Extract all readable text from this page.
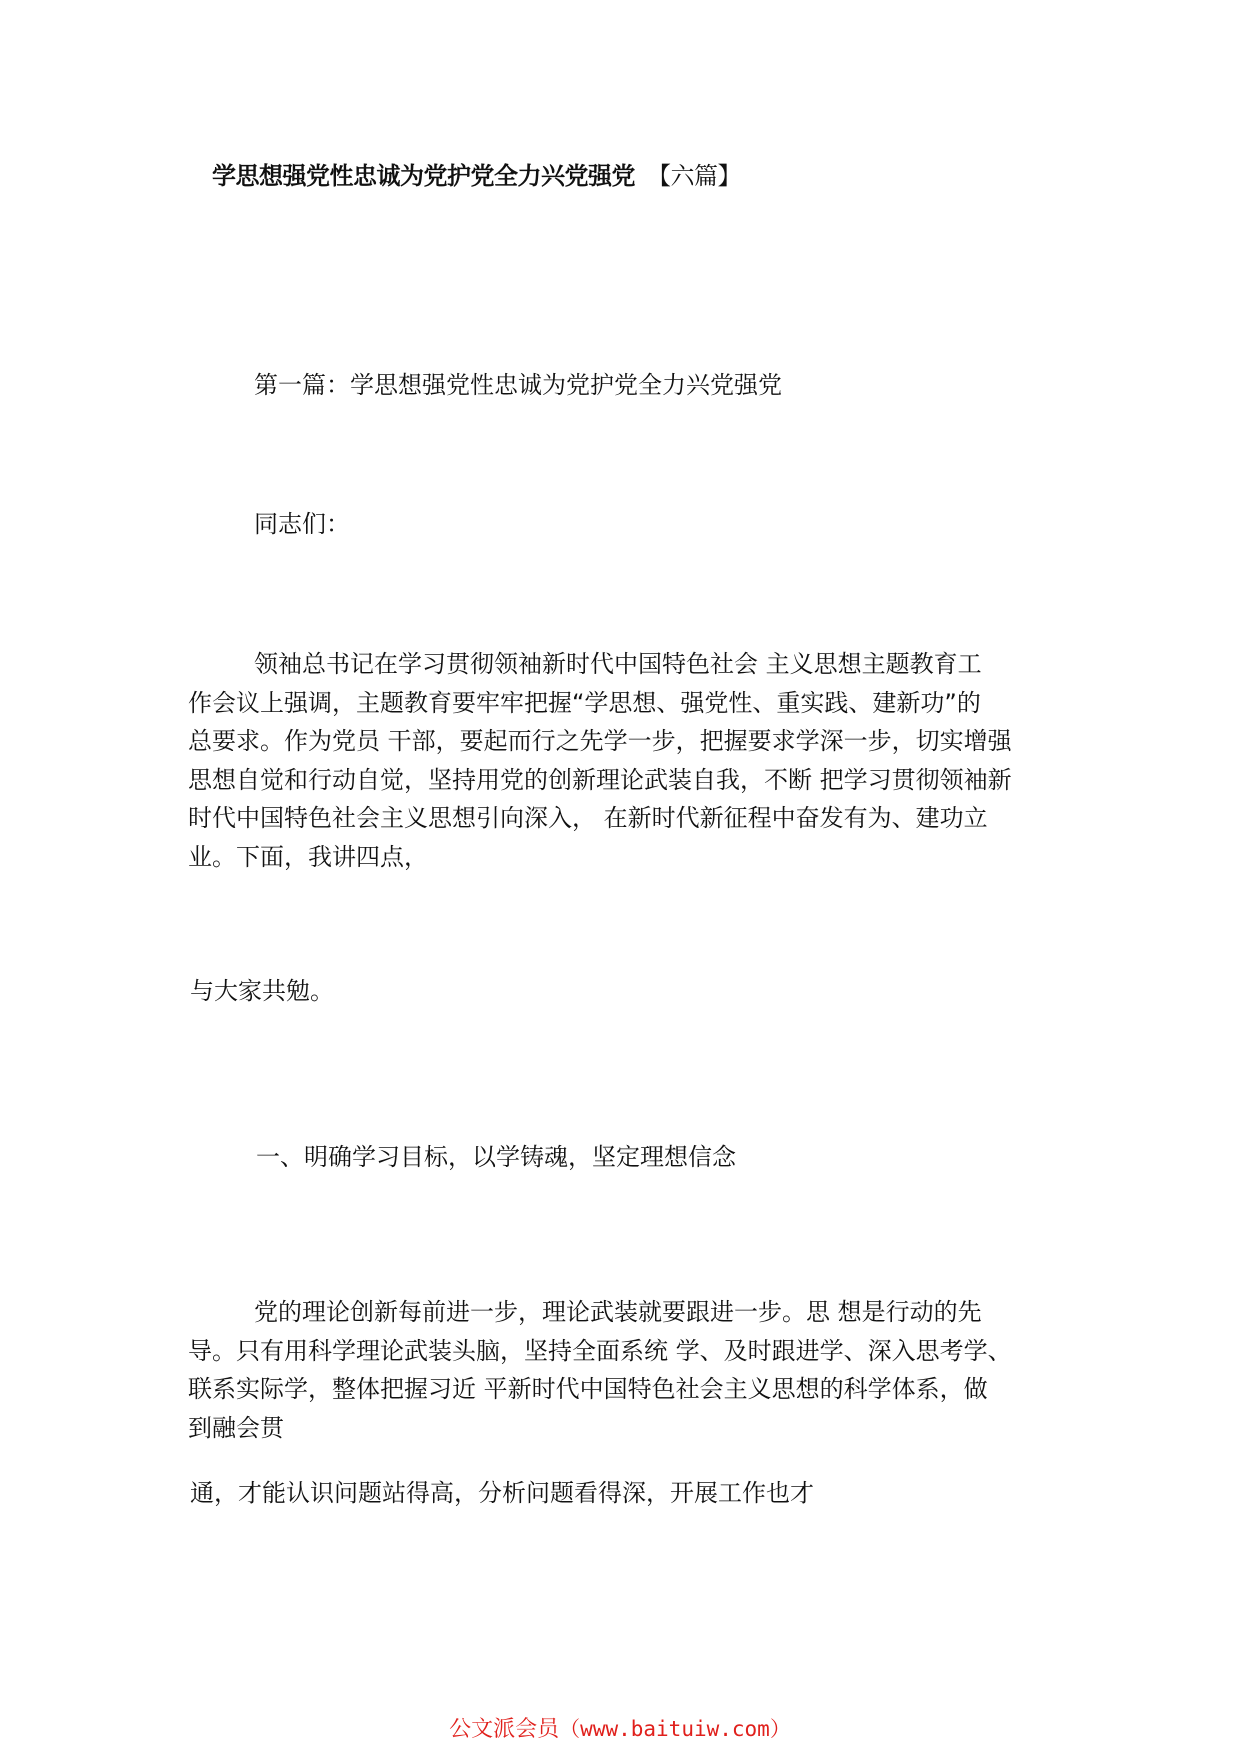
学思想强党性忠诚为党护党全力兴党强党 【六篇】

第一篇：学思想强党性忠诚为党护党全力兴党强党

同志们：

领袖总书记在学习贯彻领袖新时代中国特色社会 主义思想主题教育工
作会议上强调，主题教育要牢牢把握“学思想、强党性、重实践、建新功”的
总要求。作为党员 干部，要起而行之先学一步，把握要求学深一步，切实增强
思想自觉和行动自觉，坚持用党的创新理论武装自我，不断 把学习贯彻领袖新
时代中国特色社会主义思想引向深入， 在新时代新征程中奋发有为、建功立
业。下面，我讲四点，

与大家共勉。

一、明确学习目标，以学铸魂，坚定理想信念

党的理论创新每前进一步，理论武装就要跟进一步。思 想是行动的先
导。只有用科学理论武装头脑，坚持全面系统 学、及时跟进学、深入思考学、
联系实际学，整体把握习近 平新时代中国特色社会主义思想的科学体系，做
到融会贯

通，才能认识问题站得高，分析问题看得深，开展工作也才

公文派会员（www.baituiw.com）
